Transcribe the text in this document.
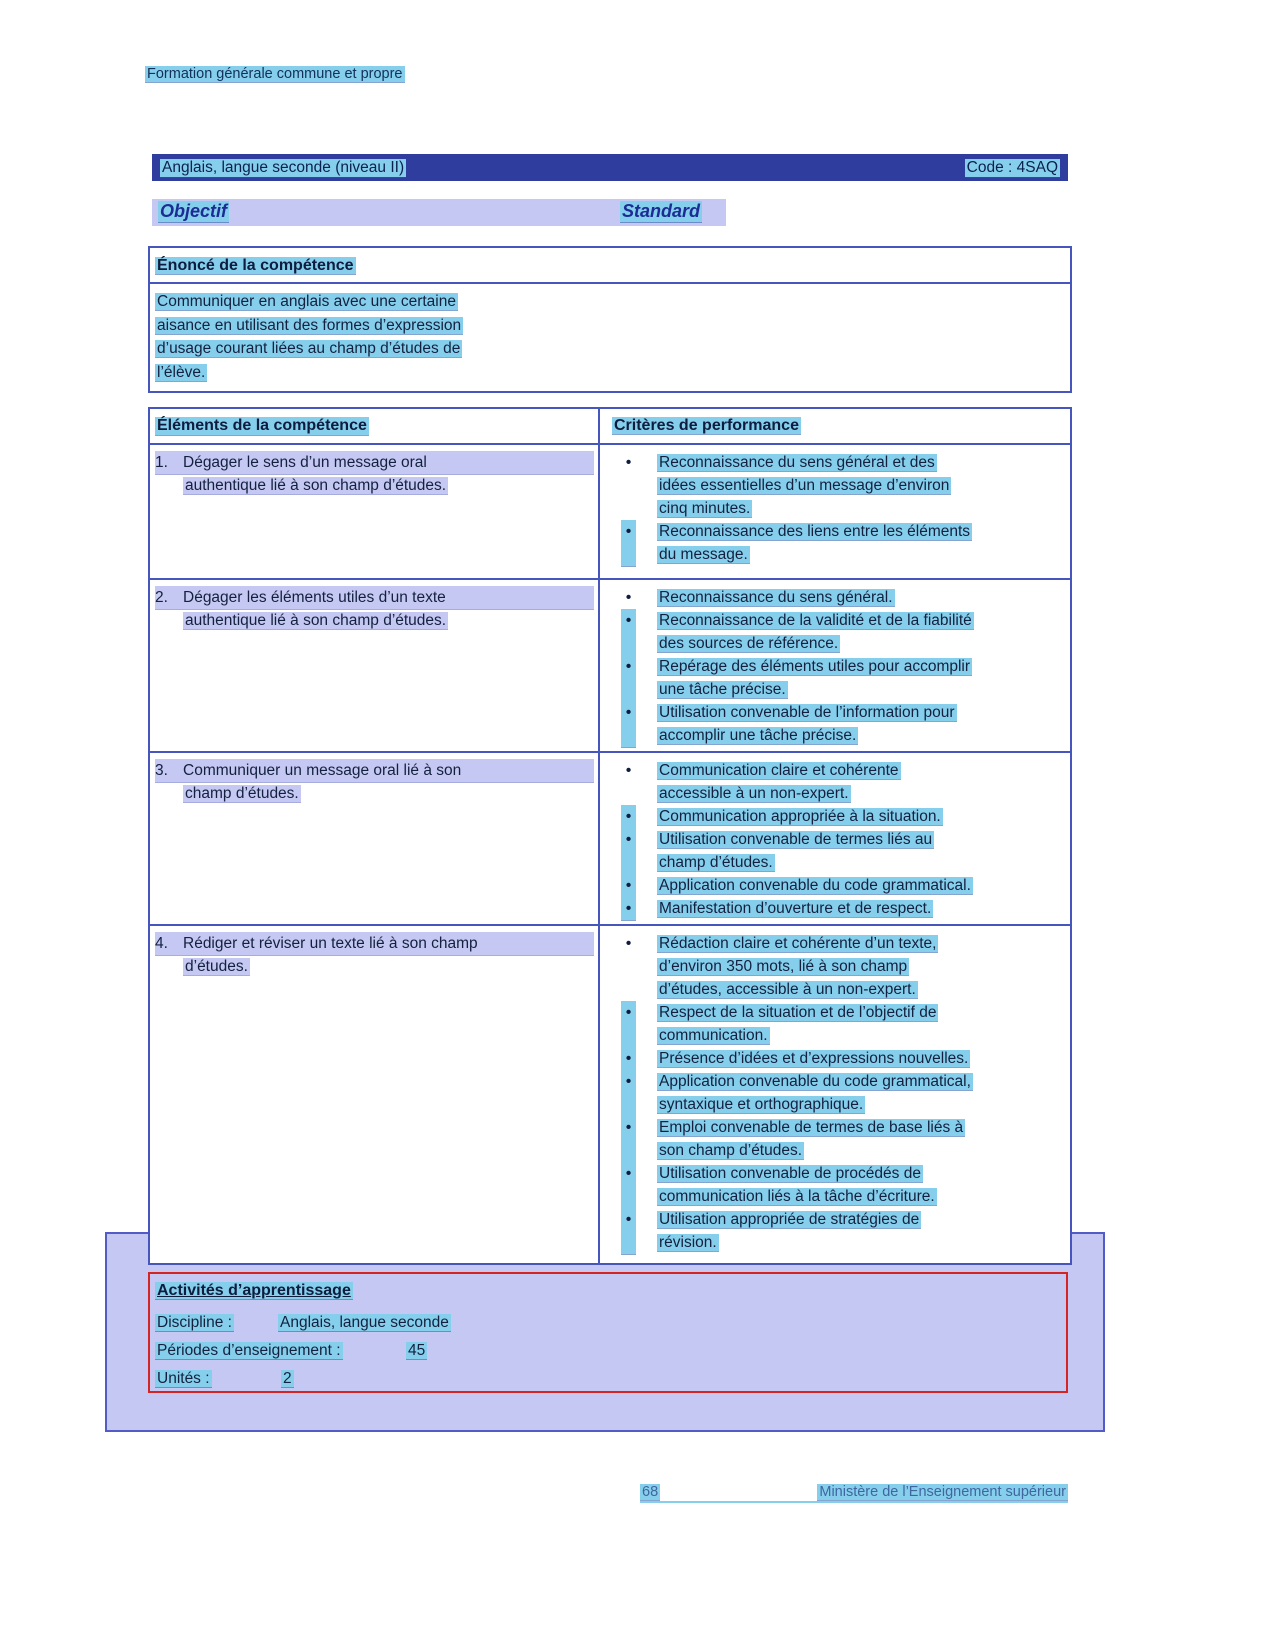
Formation générale commune et propre
Anglais, langue seconde (niveau II)	Code : 4SAQ
Objectif	Standard
Énoncé de la compétence
Communiquer en anglais avec une certaine
aisance en utilisant des formes d’expression
d’usage courant liées au champ d’études de
l’élève.
Éléments de la compétence	Critères de performance
1. Dégager le sens d’un message oral
authentique lié à son champ d’études.
•	Reconnaissance du sens général et des
idées essentielles d’un message d’environ
cinq minutes.
•	Reconnaissance des liens entre les éléments
du message.
2. Dégager les éléments utiles d’un texte
authentique lié à son champ d’études.
•	Reconnaissance du sens général.
•	Reconnaissance de la validité et de la fiabilité
des sources de référence.
•	Repérage des éléments utiles pour accomplir
une tâche précise.
•	Utilisation convenable de l’information pour
accomplir une tâche précise.
3. Communiquer un message oral lié à son
champ d’études.
•	Communication claire et cohérente
accessible à un non-expert.
•	Communication appropriée à la situation.
•	Utilisation convenable de termes liés au
champ d’études.
•	Application convenable du code grammatical.
•	Manifestation d’ouverture et de respect.
4. Rédiger et réviser un texte lié à son champ
d’études.
•	Rédaction claire et cohérente d’un texte,
d’environ 350 mots, lié à son champ
d’études, accessible à un non-expert.
•	Respect de la situation et de l’objectif de
communication.
•	Présence d’idées et d’expressions nouvelles.
•	Application convenable du code grammatical,
syntaxique et orthographique.
•	Emploi convenable de termes de base liés à
son champ d’études.
•	Utilisation convenable de procédés de
communication liés à la tâche d’écriture.
•	Utilisation appropriée de stratégies de
révision.
Activités d’apprentissage
Discipline :	Anglais, langue seconde
Périodes d’enseignement :	45
Unités :	2
68	Ministère de l’Enseignement supérieur
